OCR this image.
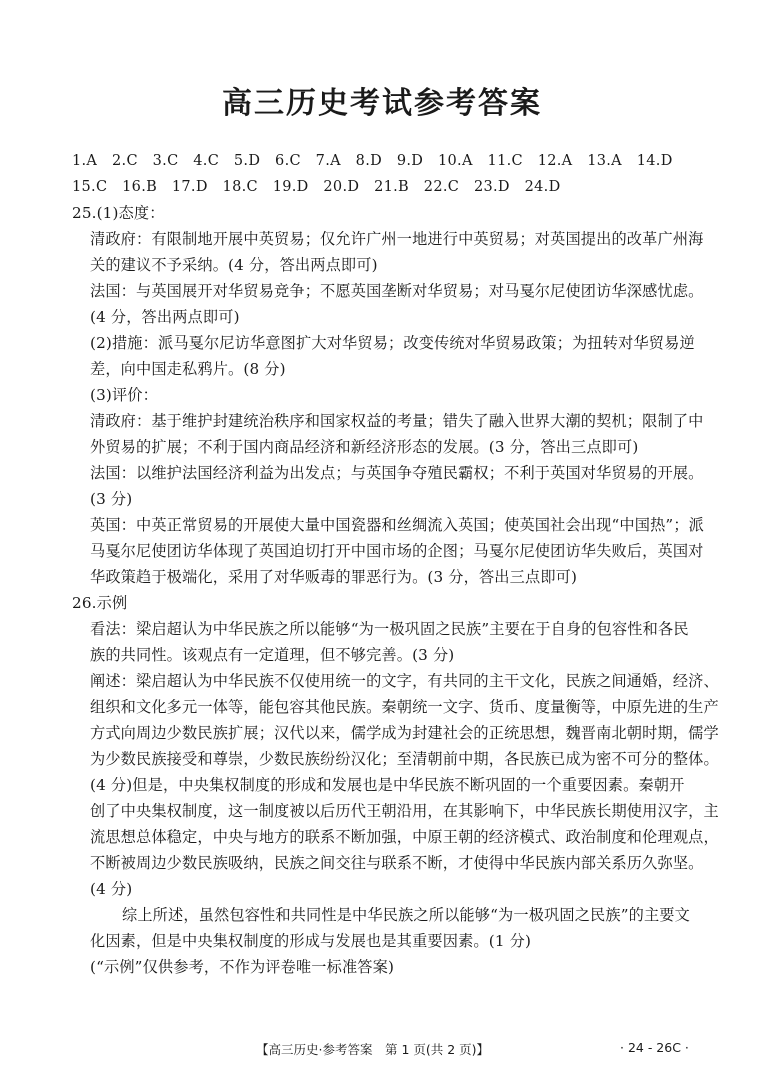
高三历史考试参考答案
1.A　2.C　3.C　4.C　5.D　6.C　7.A　8.D　9.D　10.A　11.C　12.A　13.A　14.D
15.C　16.B　17.D　18.C　19.D　20.D　21.B　22.C　23.D　24.D
25.(1)态度：
清政府：有限制地开展中英贸易；仅允许广州一地进行中英贸易；对英国提出的改革广州海
关的建议不予采纳。(4 分，答出两点即可)
法国：与英国展开对华贸易竞争；不愿英国垄断对华贸易；对马戛尔尼使团访华深感忧虑。
(4 分，答出两点即可)
(2)措施：派马戛尔尼访华意图扩大对华贸易；改变传统对华贸易政策；为扭转对华贸易逆
差，向中国走私鸦片。(8 分)
(3)评价：
清政府：基于维护封建统治秩序和国家权益的考量；错失了融入世界大潮的契机；限制了中
外贸易的扩展；不利于国内商品经济和新经济形态的发展。(3 分，答出三点即可)
法国：以维护法国经济利益为出发点；与英国争夺殖民霸权；不利于英国对华贸易的开展。
(3 分)
英国：中英正常贸易的开展使大量中国瓷器和丝绸流入英国；使英国社会出现“中国热”；派
马戛尔尼使团访华体现了英国迫切打开中国市场的企图；马戛尔尼使团访华失败后，英国对
华政策趋于极端化，采用了对华贩毒的罪恶行为。(3 分，答出三点即可)
26.示例
看法：梁启超认为中华民族之所以能够“为一极巩固之民族”主要在于自身的包容性和各民
族的共同性。该观点有一定道理，但不够完善。(3 分)
阐述：梁启超认为中华民族不仅使用统一的文字，有共同的主干文化，民族之间通婚，经济、
组织和文化多元一体等，能包容其他民族。秦朝统一文字、货币、度量衡等，中原先进的生产
方式向周边少数民族扩展；汉代以来，儒学成为封建社会的正统思想，魏晋南北朝时期，儒学
为少数民族接受和尊崇，少数民族纷纷汉化；至清朝前中期，各民族已成为密不可分的整体。
(4 分)但是，中央集权制度的形成和发展也是中华民族不断巩固的一个重要因素。秦朝开
创了中央集权制度，这一制度被以后历代王朝沿用，在其影响下，中华民族长期使用汉字，主
流思想总体稳定，中央与地方的联系不断加强，中原王朝的经济模式、政治制度和伦理观点，
不断被周边少数民族吸纳，民族之间交往与联系不断，才使得中华民族内部关系历久弥坚。
(4 分)
综上所述，虽然包容性和共同性是中华民族之所以能够“为一极巩固之民族”的主要文
化因素，但是中央集权制度的形成与发展也是其重要因素。(1 分)
(“示例”仅供参考，不作为评卷唯一标准答案)
【高三历史·参考答案　第 1 页(共 2 页)】	· 24 - 26C ·
